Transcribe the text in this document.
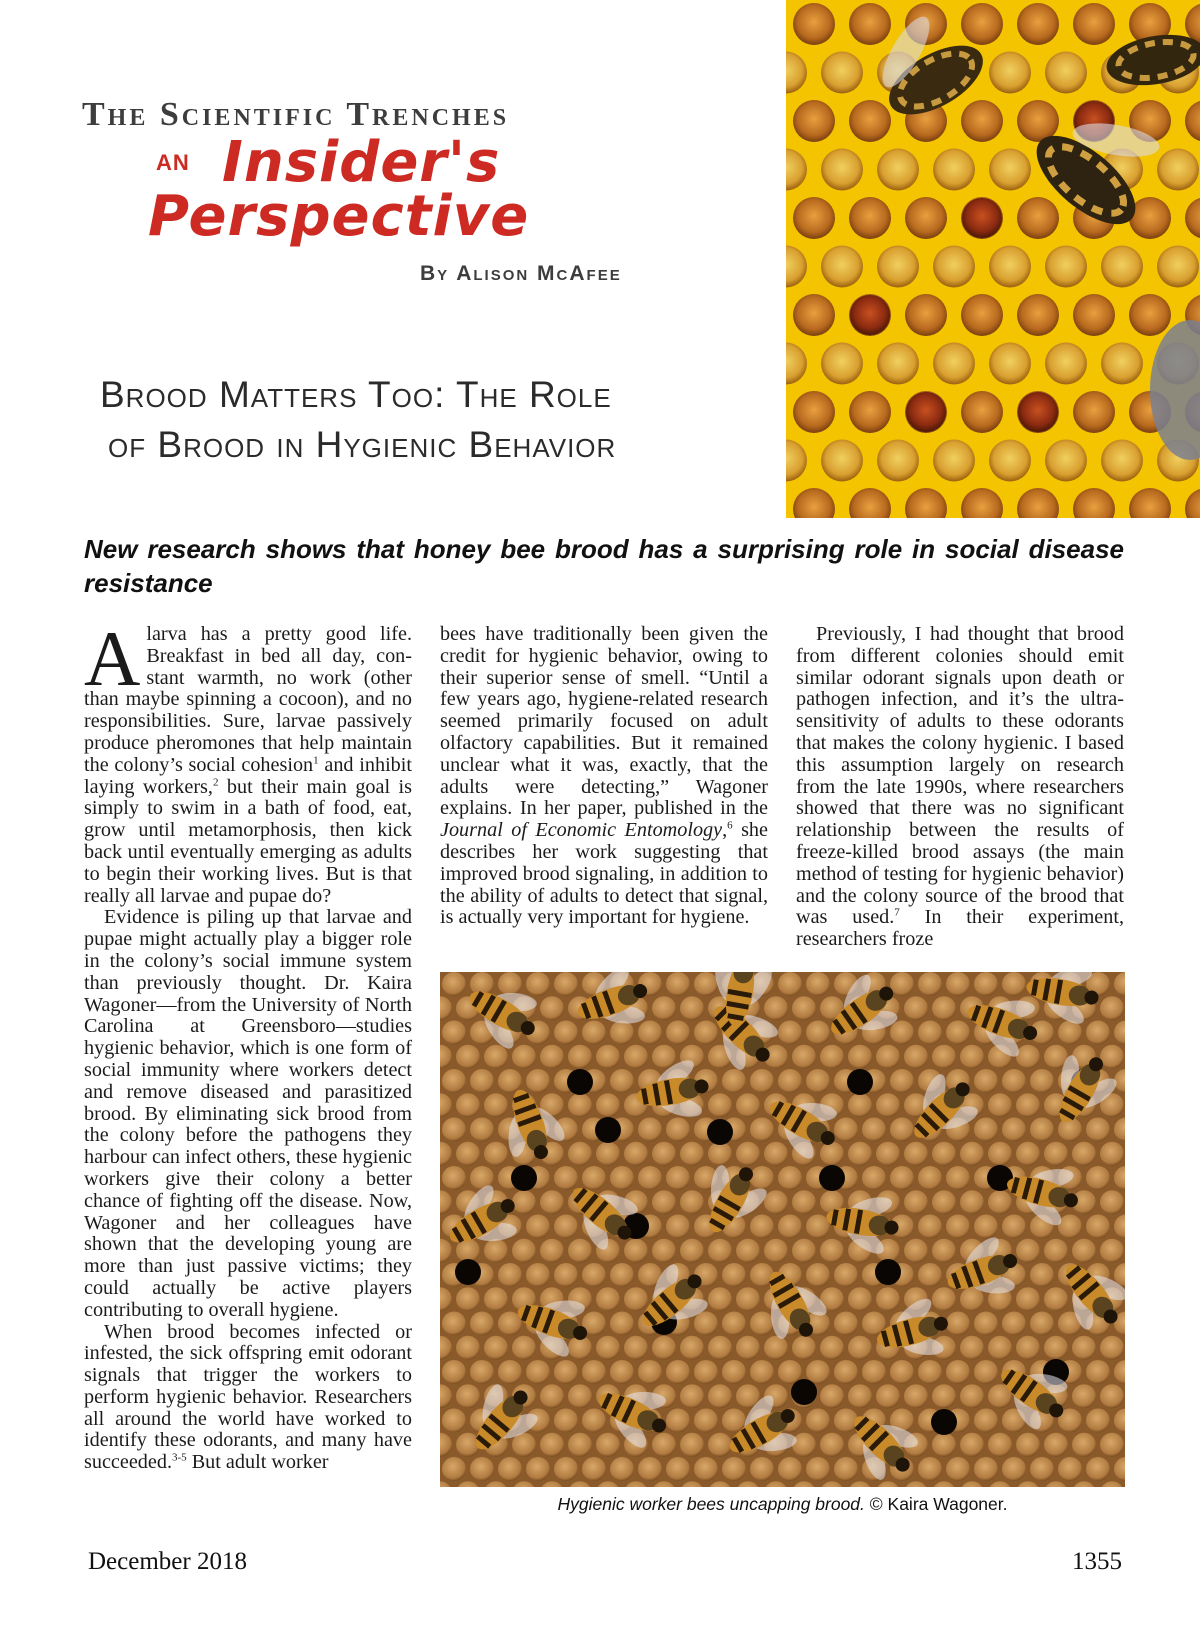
The Scientific Trenches
AN Insider's
Perspective
By Alison McAfee
Brood Matters Too: The Role
of Brood in Hygienic Behavior
New research shows that honey bee brood has a surprising role in social disease resistance

Alarva has a pretty good life. Breakfast in bed all day, constant warmth, no work (other than maybe spinning a cocoon), and no responsibilities. Sure, larvae passively produce pheromones that help maintain the colony’s social cohesion$^1$ and inhibit laying workers,$^2$ but their main goal is simply to swim in a bath of food, eat, grow until metamorphosis, then kick back until eventually emerging as adults to begin their working lives. But is that really all larvae and pupae do?

Evidence is piling up that larvae and pupae might actually play a bigger role in the colony’s social immune system than previously thought. Dr. Kaira Wagoner—from the University of North Carolina at Greensboro—studies hygienic behavior, which is one form of social immunity where workers detect and remove diseased and parasitized brood. By eliminating sick brood from the colony before the pathogens they harbour can infect others, these hygienic workers give their colony a better chance of fighting off the disease. Now, Wagoner and her colleagues have shown that the developing young are more than just passive victims; they could actually be active players contributing to overall hygiene.

When brood becomes infected or infested, the sick offspring emit odorant signals that trigger the workers to perform hygienic behavior. Researchers all around the world have worked to identify these odorants, and many have succeeded.$^{3-5}$ But adult worker

bees have traditionally been given the credit for hygienic behavior, owing to their superior sense of smell. “Until a few years ago, hygiene-related research seemed primarily focused on adult olfactory capabilities. But it remained unclear what it was, exactly, that the adults were detecting,” Wagoner explains. In her paper, published in the Journal of Economic Entomology,$^6$ she describes her work suggesting that improved brood signaling, in addition to the ability of adults to detect that signal, is actually very important for hygiene.

Previously, I had thought that brood from different colonies should emit similar odorant signals upon death or pathogen infection, and it’s the ultra-sensitivity of adults to these odorants that makes the colony hygienic. I based this assumption largely on research from the late 1990s, where researchers showed that there was no significant relationship between the results of freeze-killed brood assays (the main method of testing for hygienic behavior) and the colony source of the brood that was used.$^7$ In their experiment, researchers froze

Hygienic worker bees uncapping brood. © Kaira Wagoner.
December 2018	1355
